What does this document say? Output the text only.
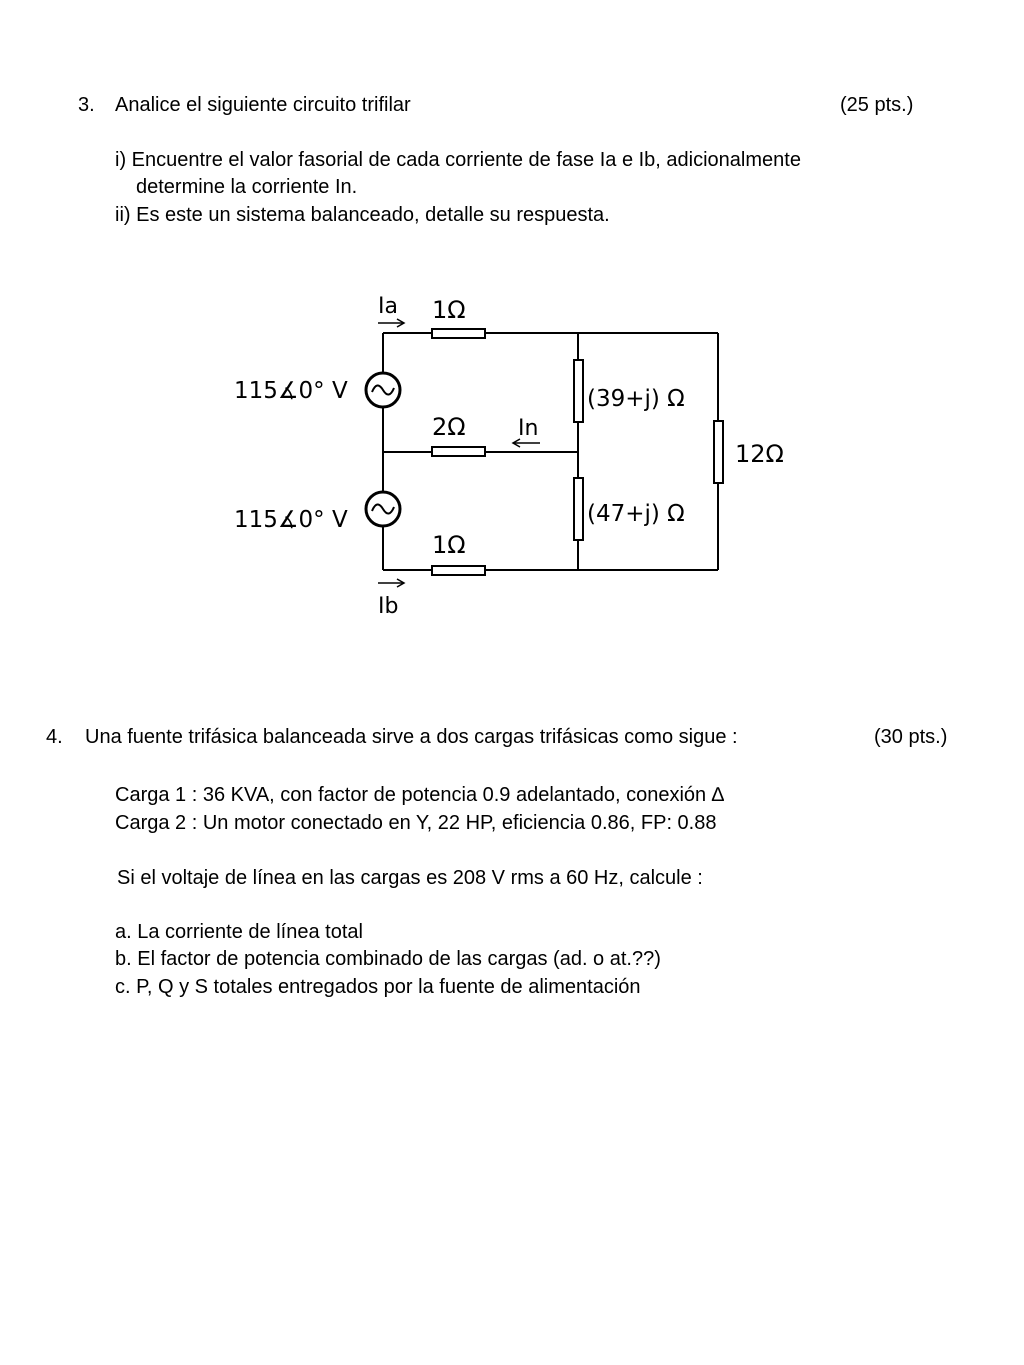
3. Analice el siguiente circuito trifilar	(25 pts.)
i) Encuentre el valor fasorial de cada corriente de fase Ia e Ib, adicionalmente
determine la corriente In.
ii) Es este un sistema balanceado, detalle su respuesta.
Ia 1Ω
115∡0° V	(39+j) Ω
2Ω In
12Ω
115∡0° V	(47+j) Ω
1Ω
Ib
4. Una fuente trifásica balanceada sirve a dos cargas trifásicas como sigue :	(30 pts.)
Carga 1 : 36 KVA, con factor de potencia 0.9 adelantado, conexión ∆
Carga 2 : Un motor conectado en Y, 22 HP, eficiencia 0.86, FP: 0.88
Si el voltaje de línea en las cargas es 208 V rms a 60 Hz, calcule :
a. La corriente de línea total
b. El factor de potencia combinado de las cargas (ad. o at.??)
c. P, Q y S totales entregados por la fuente de alimentación
